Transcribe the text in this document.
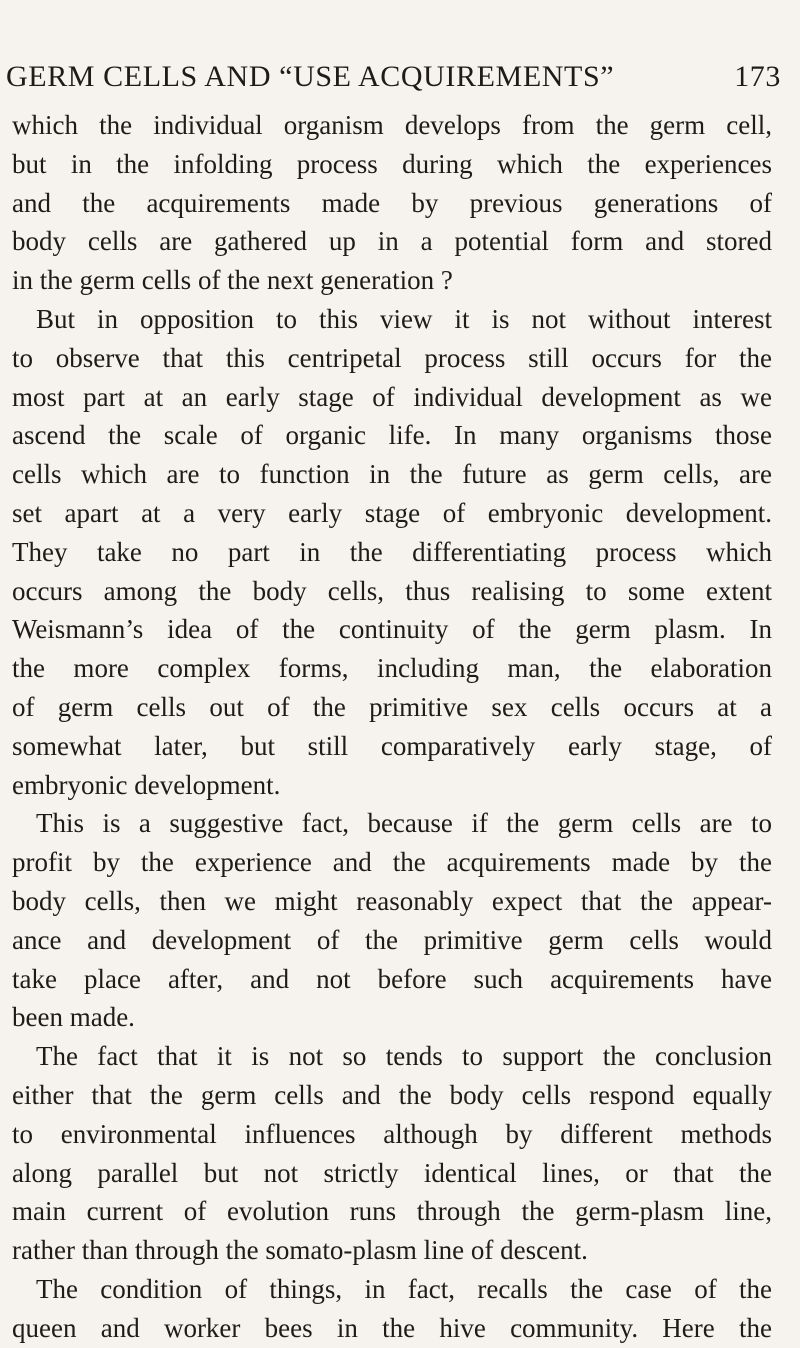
GERM CELLS AND “USE ACQUIREMENTS”	173
which the individual organism develops from the germ cell,
but in the infolding process during which the experiences
and the acquirements made by previous generations of
body cells are gathered up in a potential form and stored
in the germ cells of the next generation ?
But in opposition to this view it is not without interest
to observe that this centripetal process still occurs for the
most part at an early stage of individual development as we
ascend the scale of organic life. In many organisms those
cells which are to function in the future as germ cells, are
set apart at a very early stage of embryonic development.
They take no part in the differentiating process which
occurs among the body cells, thus realising to some extent
Weismann’s idea of the continuity of the germ plasm. In
the more complex forms, including man, the elaboration
of germ cells out of the primitive sex cells occurs at a
somewhat later, but still comparatively early stage, of
embryonic development.
This is a suggestive fact, because if the germ cells are to
profit by the experience and the acquirements made by the
body cells, then we might reasonably expect that the appear-
ance and development of the primitive germ cells would
take place after, and not before such acquirements have
been made.
The fact that it is not so tends to support the conclusion
either that the germ cells and the body cells respond equally
to environmental influences although by different methods
along parallel but not strictly identical lines, or that the
main current of evolution runs through the germ-plasm line,
rather than through the somato-plasm line of descent.
The condition of things, in fact, recalls the case of the
queen and worker bees in the hive community. Here the
